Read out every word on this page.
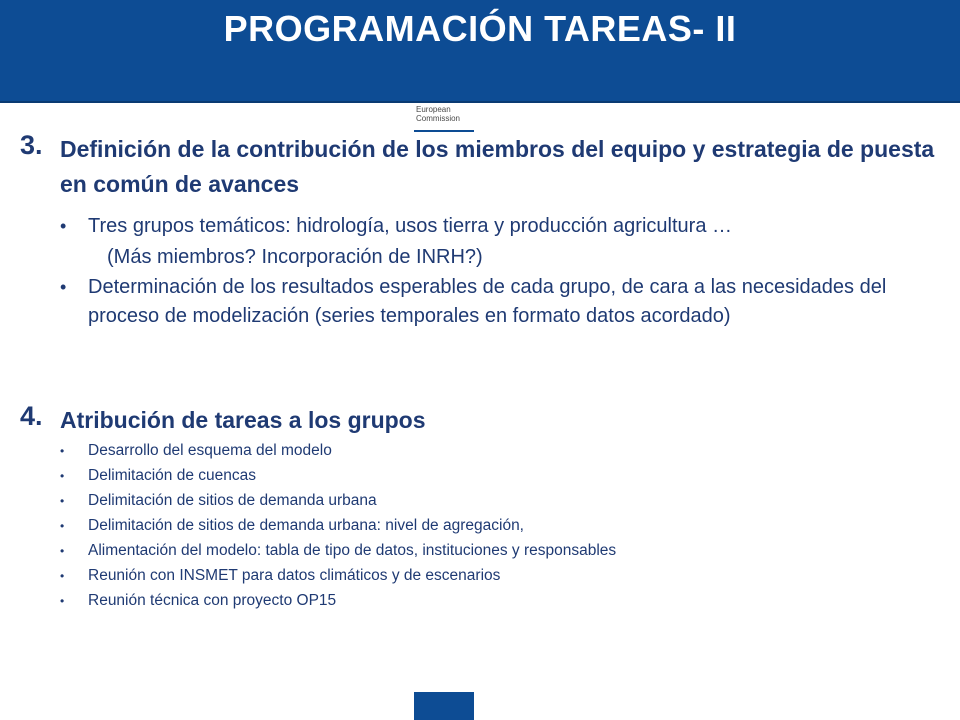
PROGRAMACIÓN TAREAS- II
European
Commission
3. Definición de la contribución de los miembros del equipo y estrategia de puesta en común de avances
• Tres grupos temáticos: hidrología, usos tierra y producción agricultura …
• Determinación de los resultados esperables de cada grupo, de cara a las necesidades del proceso de modelización (series temporales en formato datos acordado)
(Más miembros? Incorporación de INRH?)
4. Atribución de tareas a los grupos
• Desarrollo del esquema del modelo
• Delimitación de cuencas
• Delimitación de sitios de demanda urbana
• Delimitación de sitios de demanda urbana: nivel de agregación,
• Alimentación del modelo: tabla de tipo de datos, instituciones y responsables
• Reunión con INSMET para datos climáticos y de escenarios
• Reunión técnica con proyecto OP15
